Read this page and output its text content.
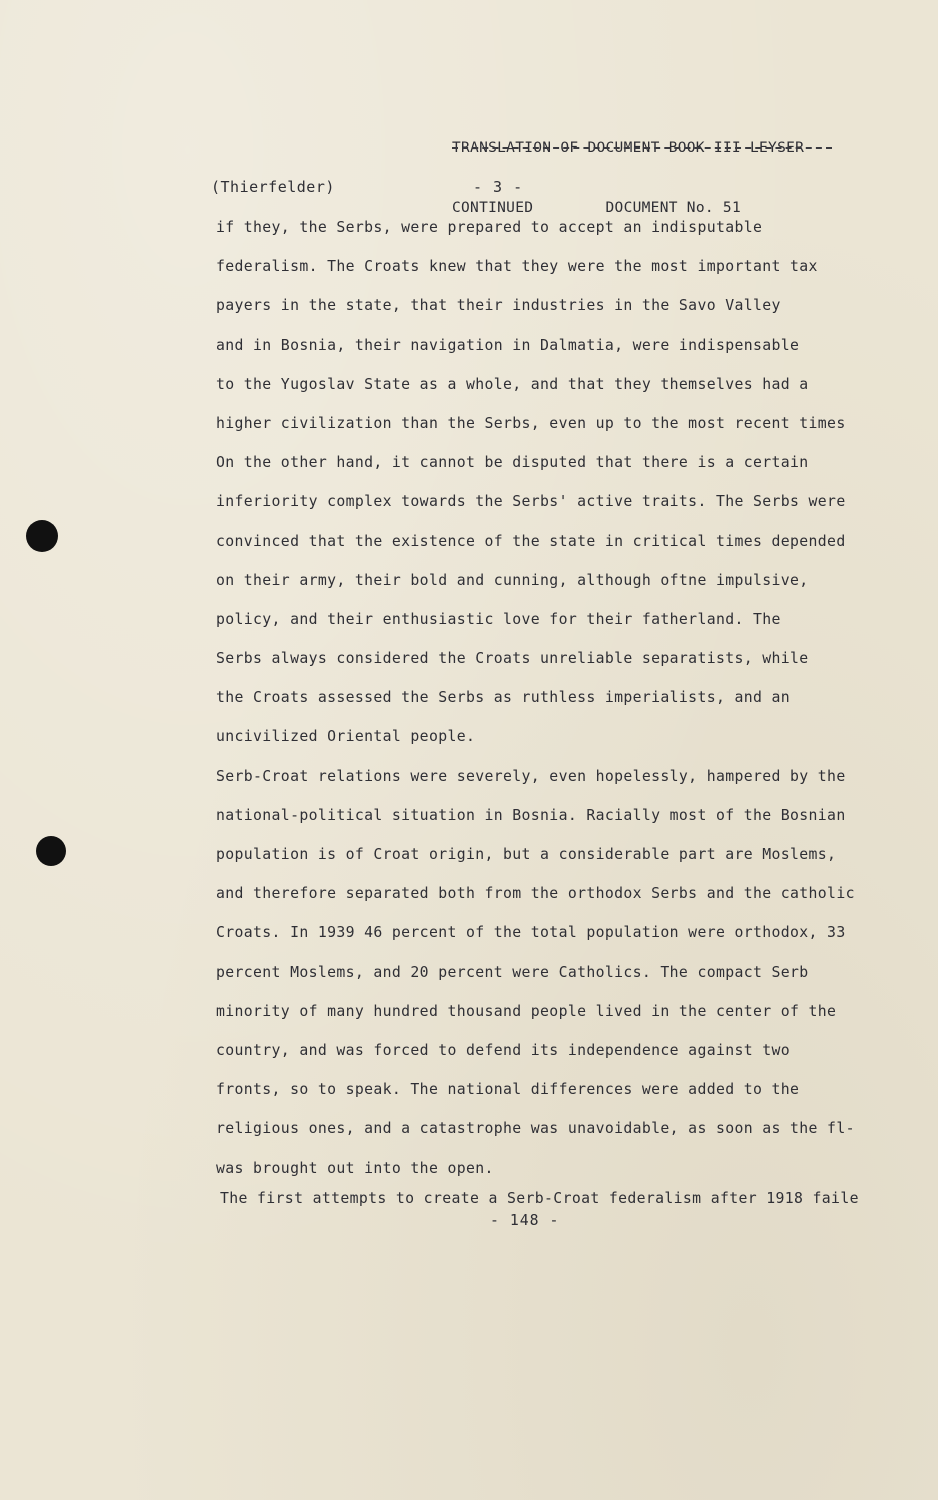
TRANSLATION OF DOCUMENT BOOK III LEYSER

CONTINUED	DOCUMENT No. 51

(Thierfelder)	- 3 -
if they, the Serbs, were prepared to accept an indisputable
federalism. The Croats knew that they were the most important tax
payers in the state, that their industries in the Savo Valley
and in Bosnia, their navigation in Dalmatia, were indispensable
to the Yugoslav State as a whole, and that they themselves had a
higher civilization than the Serbs, even up to the most recent times
On the other hand, it cannot be disputed that there is a certain
inferiority complex towards the Serbs' active traits. The Serbs were
convinced that the existence of the state in critical times depended
on their army, their bold and cunning, although oftne impulsive,
policy, and their enthusiastic love for their fatherland. The
Serbs always considered the Croats unreliable separatists, while
the Croats assessed the Serbs as ruthless imperialists, and an
uncivilized Oriental people.
Serb-Croat relations were severely, even hopelessly, hampered by the
national-political situation in Bosnia. Racially most of the Bosnian
population is of Croat origin, but a considerable part are Moslems,
and therefore separated both from the orthodox Serbs and the catholic
Croats. In 1939 46 percent of the total population were orthodox, 33
percent Moslems, and 20 percent were Catholics. The compact Serb
minority of many hundred thousand people lived in the center of the
country, and was forced to defend its independence against two
fronts, so to speak. The national differences were added to the
religious ones, and a catastrophe was unavoidable, as soon as the fl-
was brought out into the open.
The first attempts to create a Serb-Croat federalism after 1918 faile
- 148 -
